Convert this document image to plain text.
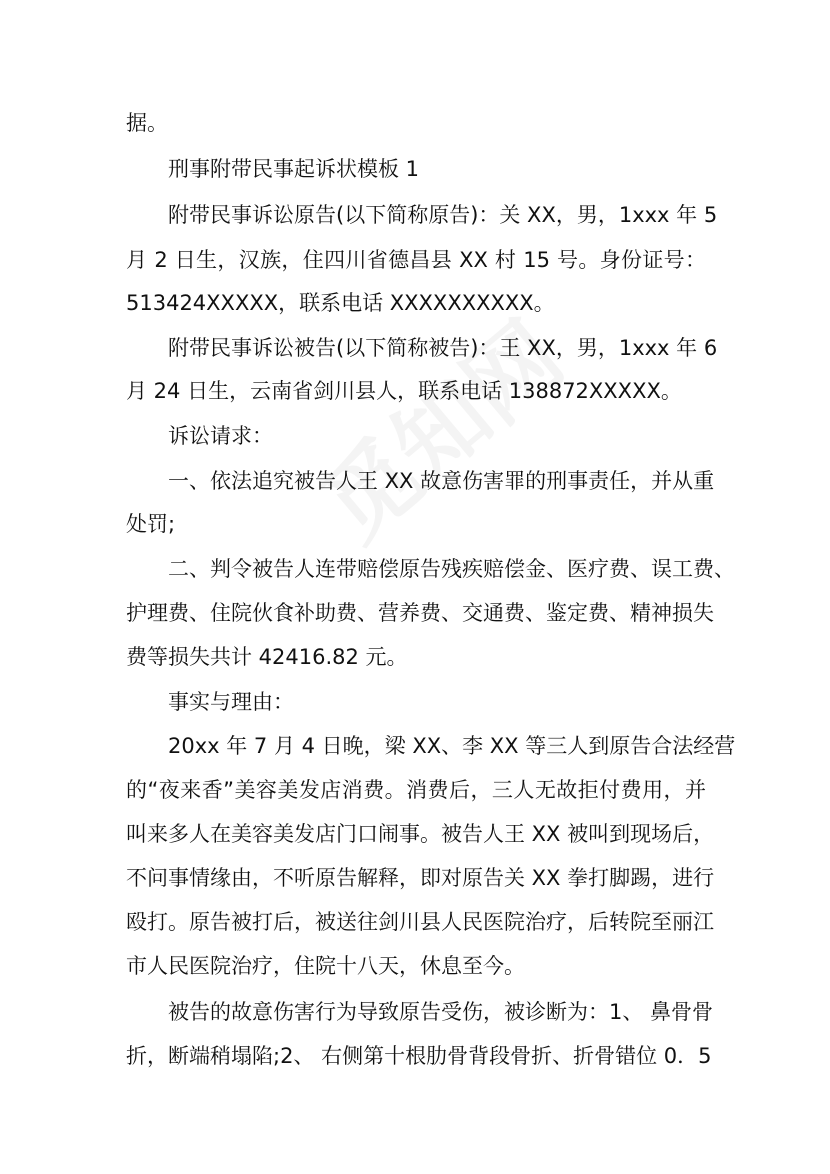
据。
刑事附带民事起诉状模板 1
附带民事诉讼原告(以下简称原告)：关 XX，男，1xxx 年 5
月 2 日生，汉族，住四川省德昌县 XX 村 15 号。身份证号：
513424XXXXX，联系电话 XXXXXXXXXX。
附带民事诉讼被告(以下简称被告)：王 XX，男，1xxx 年 6
月 24 日生，云南省剑川县人，联系电话 138872XXXXX。
诉讼请求：
一、依法追究被告人王 XX 故意伤害罪的刑事责任，并从重
处罚;
二、判令被告人连带赔偿原告残疾赔偿金、医疗费、误工费、
护理费、住院伙食补助费、营养费、交通费、鉴定费、精神损失
费等损失共计 42416.82 元。
事实与理由：
20xx 年 7 月 4 日晚，梁 XX、李 XX 等三人到原告合法经营
的“夜来香”美容美发店消费。消费后，三人无故拒付费用，并
叫来多人在美容美发店门口闹事。被告人王 XX 被叫到现场后，
不问事情缘由，不听原告解释，即对原告关 XX 拳打脚踢，进行
殴打。原告被打后，被送往剑川县人民医院治疗，后转院至丽江
市人民医院治疗，住院十八天，休息至今。
被告的故意伤害行为导致原告受伤，被诊断为：1、 鼻骨骨
折，断端稍塌陷;2、 右侧第十根肋骨背段骨折、折骨错位 0．5
